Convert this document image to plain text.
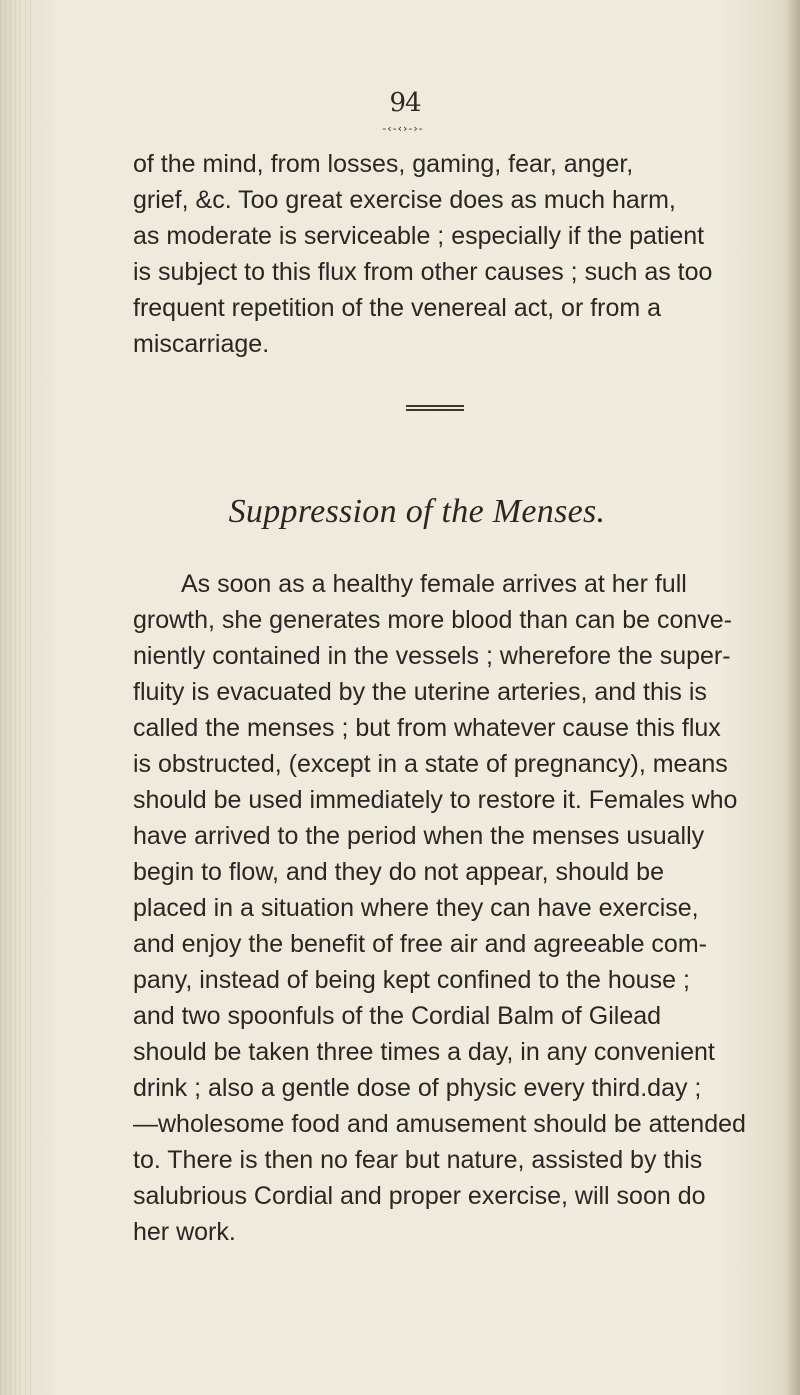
94
-‹-‹›-›-

of the mind, from losses, gaming, fear, anger,
grief, &c. Too great exercise does as much harm,
as moderate is serviceable ; especially if the patient
is subject to this flux from other causes ; such as too
frequent repetition of the venereal act, or from a
miscarriage.

Suppression of the Menses.

As soon as a healthy female arrives at her full
growth, she generates more blood than can be conve-
niently contained in the vessels ; wherefore the super-
fluity is evacuated by the uterine arteries, and this is
called the menses ; but from whatever cause this flux
is obstructed, (except in a state of pregnancy), means
should be used immediately to restore it. Females who
have arrived to the period when the menses usually
begin to flow, and they do not appear, should be
placed in a situation where they can have exercise,
and enjoy the benefit of free air and agreeable com-
pany, instead of being kept confined to the house ;
and two spoonfuls of the Cordial Balm of Gilead
should be taken three times a day, in any convenient
drink ; also a gentle dose of physic every third.day ;
—wholesome food and amusement should be attended
to. There is then no fear but nature, assisted by this
salubrious Cordial and proper exercise, will soon do
her work.
